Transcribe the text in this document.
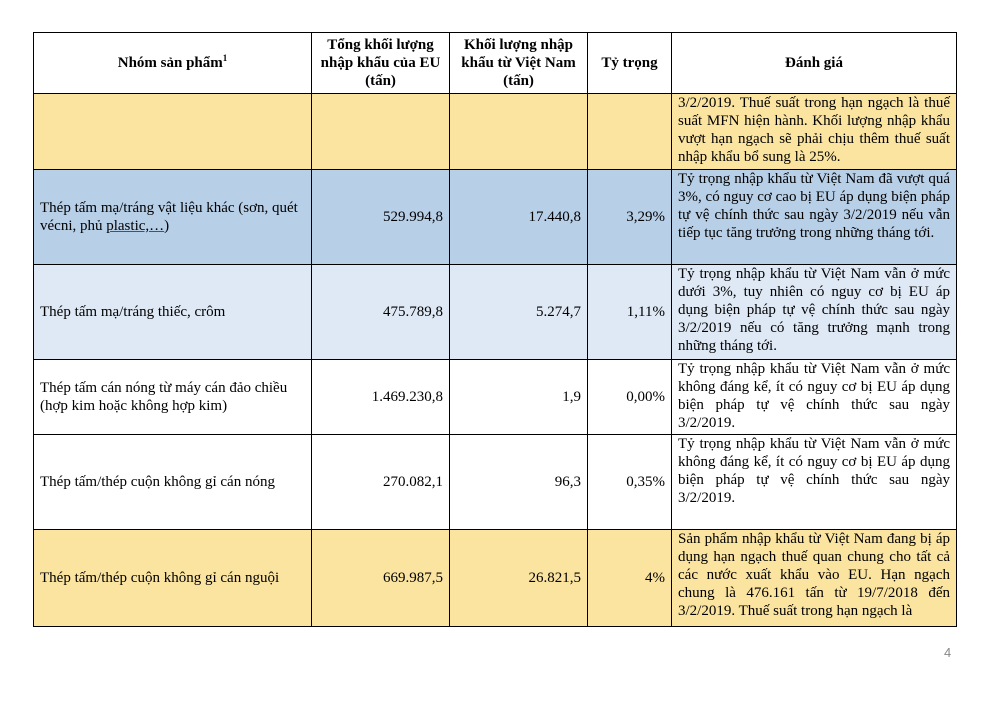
Nhóm sản phẩm$^1$	Tổng khối lượng nhập khẩu của EU (tấn)	Khối lượng nhập khẩu từ Việt Nam (tấn)	Tỷ trọng	Đánh giá
				3/2/2019. Thuế suất trong hạn ngạch là thuế suất MFN hiện hành. Khối lượng nhập khẩu vượt hạn ngạch sẽ phải chịu thêm thuế suất nhập khẩu bổ sung là 25%.
Thép tấm mạ/tráng vật liệu khác (sơn, quét vécni, phủ plastic,…)	529.994,8	17.440,8	3,29%	Tỷ trọng nhập khẩu từ Việt Nam đã vượt quá 3%, có nguy cơ cao bị EU áp dụng biện pháp tự vệ chính thức sau ngày 3/2/2019 nếu vẫn tiếp tục tăng trưởng trong những tháng tới.
Thép tấm mạ/tráng thiếc, crôm	475.789,8	5.274,7	1,11%	Tỷ trọng nhập khẩu từ Việt Nam vẫn ở mức dưới 3%, tuy nhiên có nguy cơ bị EU áp dụng biện pháp tự vệ chính thức sau ngày 3/2/2019 nếu có tăng trưởng mạnh trong những tháng tới.
Thép tấm cán nóng từ máy cán đảo chiều (hợp kim hoặc không hợp kim)	1.469.230,8	1,9	0,00%	Tỷ trọng nhập khẩu từ Việt Nam vẫn ở mức không đáng kể, ít có nguy cơ bị EU áp dụng biện pháp tự vệ chính thức sau ngày 3/2/2019.
Thép tấm/thép cuộn không gỉ cán nóng	270.082,1	96,3	0,35%	Tỷ trọng nhập khẩu từ Việt Nam vẫn ở mức không đáng kể, ít có nguy cơ bị EU áp dụng biện pháp tự vệ chính thức sau ngày 3/2/2019.
Thép tấm/thép cuộn không gỉ cán nguội	669.987,5	26.821,5	4%	Sản phẩm nhập khẩu từ Việt Nam đang bị áp dụng hạn ngạch thuế quan chung cho tất cả các nước xuất khẩu vào EU. Hạn ngạch chung là 476.161 tấn từ 19/7/2018 đến 3/2/2019. Thuế suất trong hạn ngạch là
4
